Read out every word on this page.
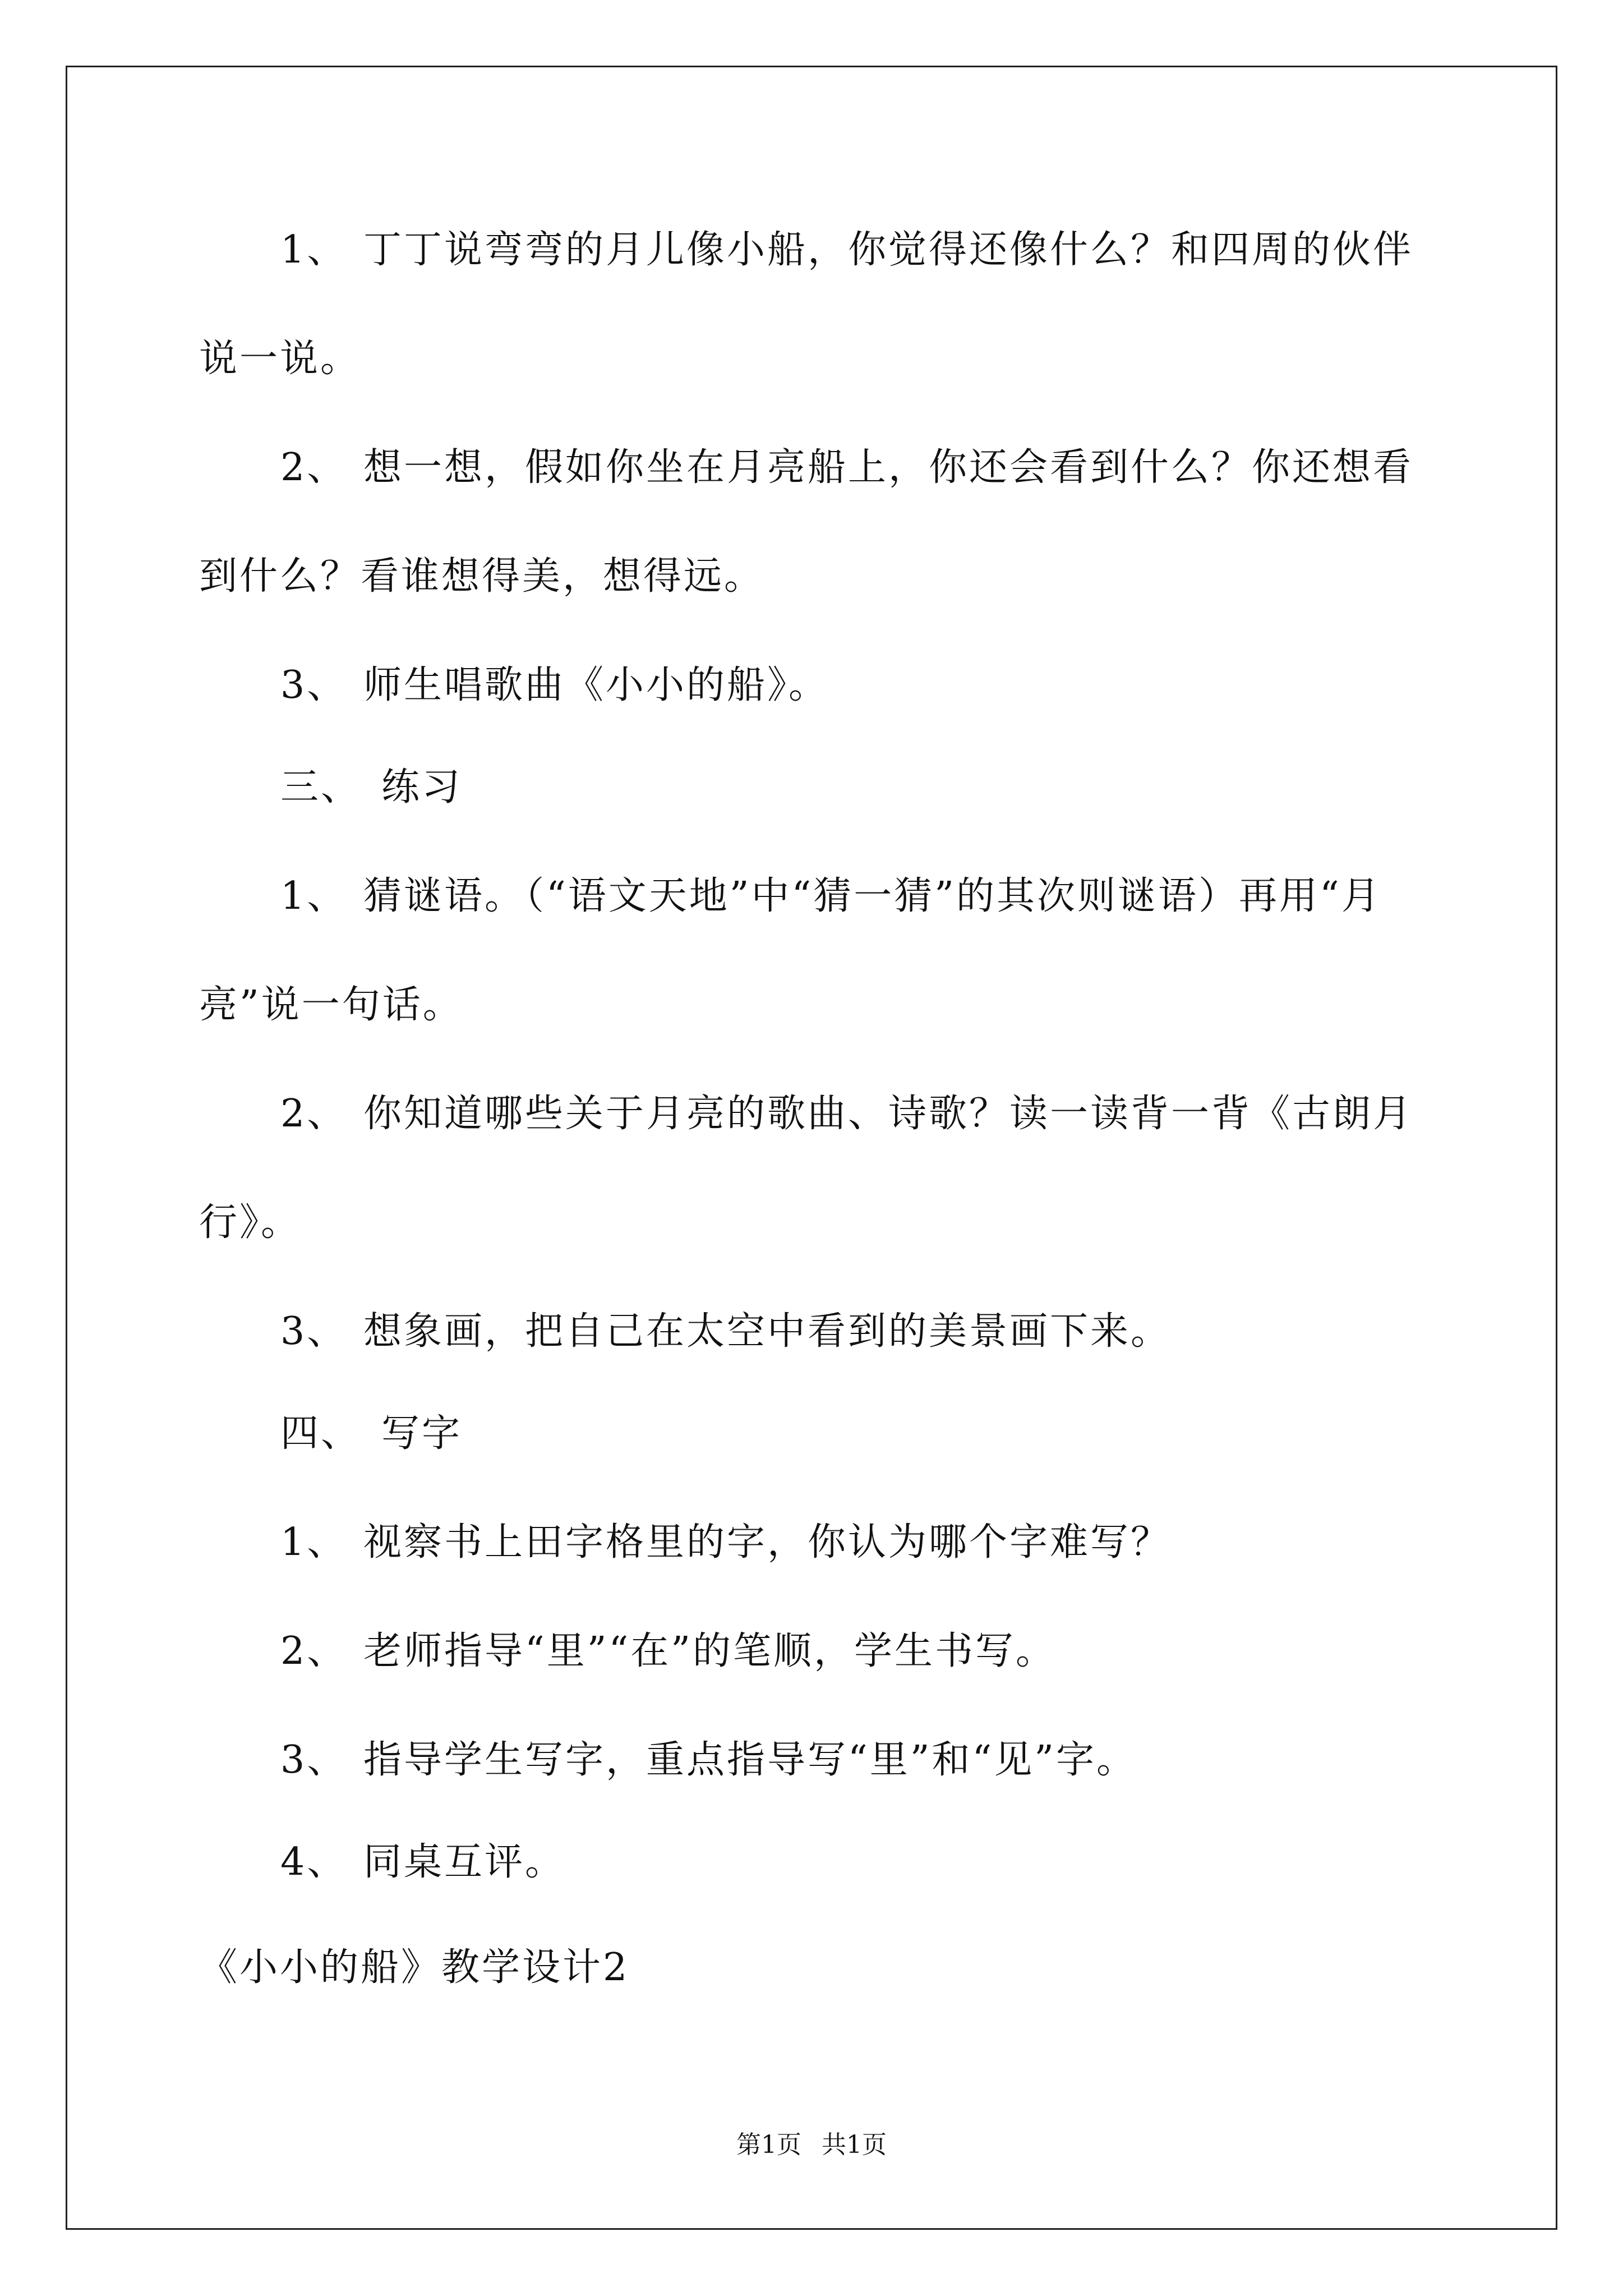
1、 丁丁说弯弯的月儿像小船，你觉得还像什么？和四周的伙伴
说一说。
2、 想一想，假如你坐在月亮船上，你还会看到什么？你还想看
到什么？看谁想得美，想得远。
3、 师生唱歌曲《小小的船》。
三、 练习
1、 猜谜语。（“语文天地”中“猜一猜”的其次则谜语）再用“月
亮”说一句话。
2、 你知道哪些关于月亮的歌曲、诗歌？读一读背一背《古朗月
行》。
3、 想象画，把自己在太空中看到的美景画下来。
四、 写字
1、 视察书上田字格里的字，你认为哪个字难写？
2、 老师指导“里”“在”的笔顺，学生书写。
3、 指导学生写字，重点指导写“里”和“见”字。
4、 同桌互评。
《小小的船》教学设计2
第1页 共1页
